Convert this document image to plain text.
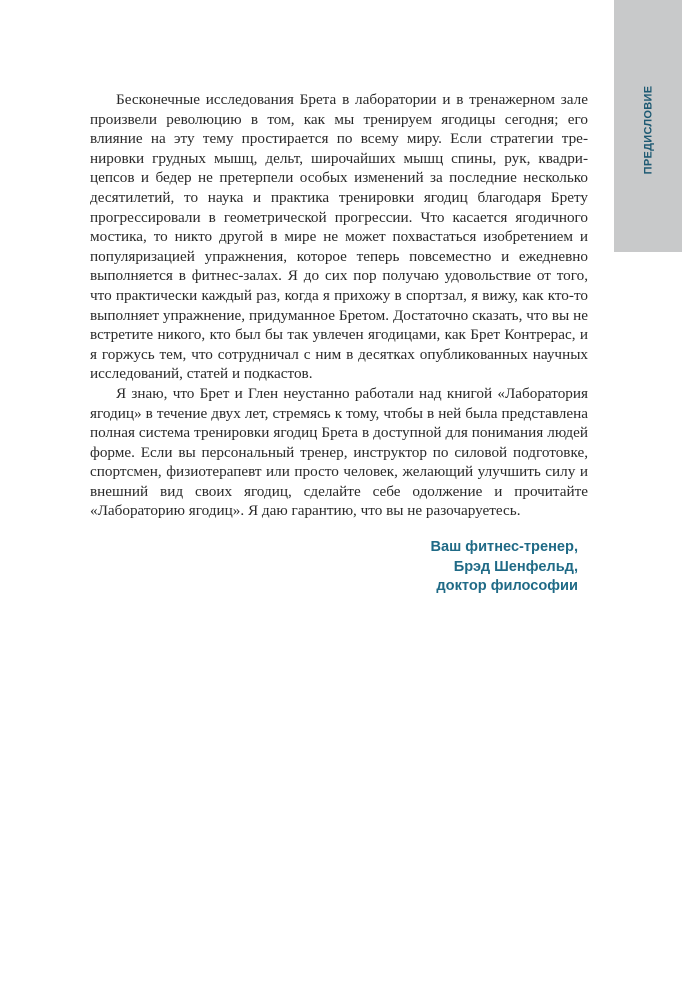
ПРЕДИСЛОВИЕ

Бесконечные исследования Брета в лаборатории и в тренажерном зале произвели революцию в том, как мы тренируем ягодицы сегодня; его влияние на эту тему простирается по всему миру. Если стратегии тренировки грудных мышц, дельт, широчайших мышц спины, рук, квадрицепсов и бедер не претерпели особых изменений за последние несколько десятилетий, то наука и практика тренировки ягодиц благодаря Брету прогрессировали в геометрической прогрессии. Что касается ягодичного мостика, то никто другой в мире не может похвастаться изобретением и популяризацией упражнения, которое теперь повсеместно и ежедневно выполняется в фитнес-залах. Я до сих пор получаю удовольствие от того, что практически каждый раз, когда я прихожу в спортзал, я вижу, как кто-то выполняет упражнение, придуманное Бретом. Достаточно сказать, что вы не встретите никого, кто был бы так увлечен ягодицами, как Брет Контрерас, и я горжусь тем, что сотрудничал с ним в десятках опубликованных научных исследований, статей и подкастов.

Я знаю, что Брет и Глен неустанно работали над книгой «Лаборатория ягодиц» в течение двух лет, стремясь к тому, чтобы в ней была представлена полная система тренировки ягодиц Брета в доступной для понимания людей форме. Если вы персональный тренер, инструктор по силовой подготовке, спортсмен, физиотерапевт или просто человек, желающий улучшить силу и внешний вид своих ягодиц, сделайте себе одолжение и прочитайте «Лабораторию ягодиц». Я даю гарантию, что вы не разочаруетесь.

Ваш фитнес-тренер,
Брэд Шенфельд,
доктор философии
